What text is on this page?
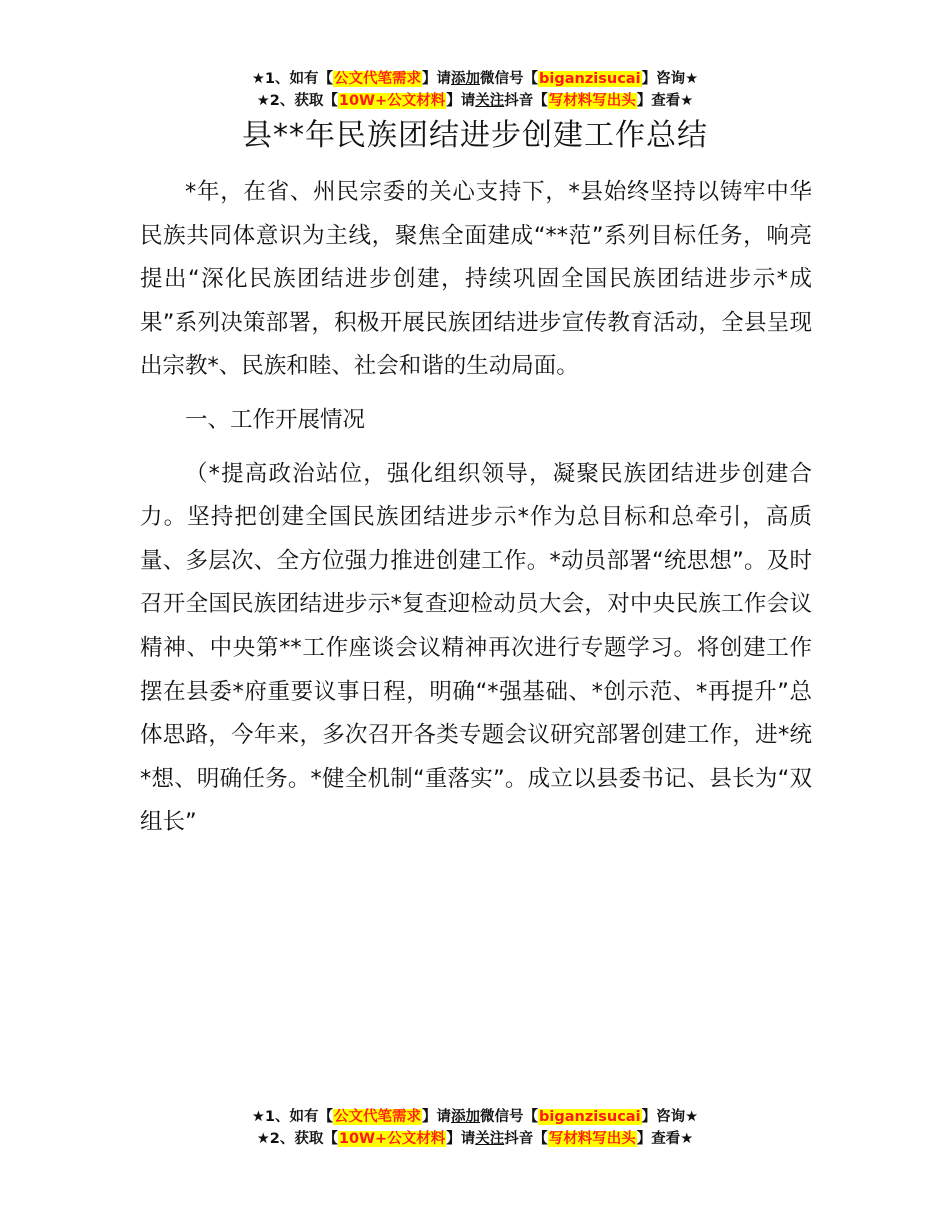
★1、如有【公文代笔需求】请添加微信号【biganzisucai】咨询★
★2、获取【10W+公文材料】请关注抖音【写材料写出头】查看★
县**年民族团结进步创建工作总结

*年，在省、州民宗委的关心支持下，*县始终坚持以铸牢中华民族共同体意识为主线，聚焦全面建成“**范”系列目标任务，响亮提出“深化民族团结进步创建，持续巩固全国民族团结进步示*成果”系列决策部署，积极开展民族团结进步宣传教育活动，全县呈现出宗教*、民族和睦、社会和谐的生动局面。

一、工作开展情况

（*提高政治站位，强化组织领导，凝聚民族团结进步创建合力。坚持把创建全国民族团结进步示*作为总目标和总牵引，高质量、多层次、全方位强力推进创建工作。*动员部署“统思想”。及时召开全国民族团结进步示*复查迎检动员大会，对中央民族工作会议精神、中央第**工作座谈会议精神再次进行专题学习。将创建工作摆在县委*府重要议事日程，明确“*强基础、*创示范、*再提升”总体思路，今年来，多次召开各类专题会议研究部署创建工作，进*统*想、明确任务。*健全机制“重落实”。成立以县委书记、县长为“双组长”

★1、如有【公文代笔需求】请添加微信号【biganzisucai】咨询★
★2、获取【10W+公文材料】请关注抖音【写材料写出头】查看★
